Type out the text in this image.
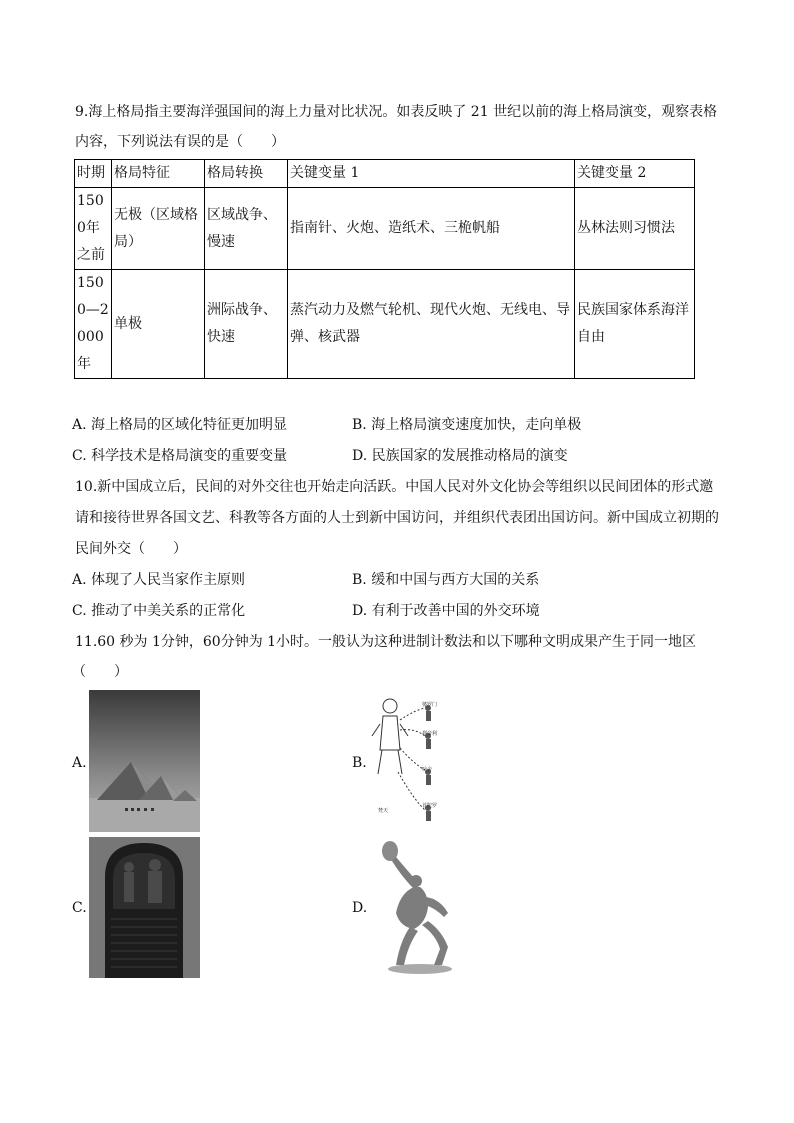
9.海上格局指主要海洋强国间的海上力量对比状况。如表反映了 21 世纪以前的海上格局演变，观察表格
内容，下列说法有误的是（　　）
时期	格局特征	格局转换	关键变量 1	关键变量 2
1500年之前	无极（区域格局）	区域战争、慢速	指南针、火炮、造纸术、三桅帆船	丛林法则习惯法
1500—2000年	单极	洲际战争、快速	蒸汽动力及燃气轮机、现代火炮、无线电、导弹、核武器	民族国家体系海洋自由
A. 海上格局的区域化特征更加明显	B. 海上格局演变速度加快，走向单极
C. 科学技术是格局演变的重要变量	D. 民族国家的发展推动格局的演变
10.新中国成立后，民间的对外交往也开始走向活跃。中国人民对外文化协会等组织以民间团体的形式邀
请和接待世界各国文艺、科教等各方面的人士到新中国访问，并组织代表团出国访问。新中国成立初期的
民间外交（　　）
A. 体现了人民当家作主原则	B. 缓和中国与西方大国的关系
C. 推动了中美关系的正常化	D. 有利于改善中国的外交环境
11.60 秒为 1分钟，60分钟为 1小时。一般认为这种进制计数法和以下哪种文明成果产生于同一地区
（　　）
A.	B.
婆罗门
刹帝利
吠舍
首陀罗
梵天
C.	D.
